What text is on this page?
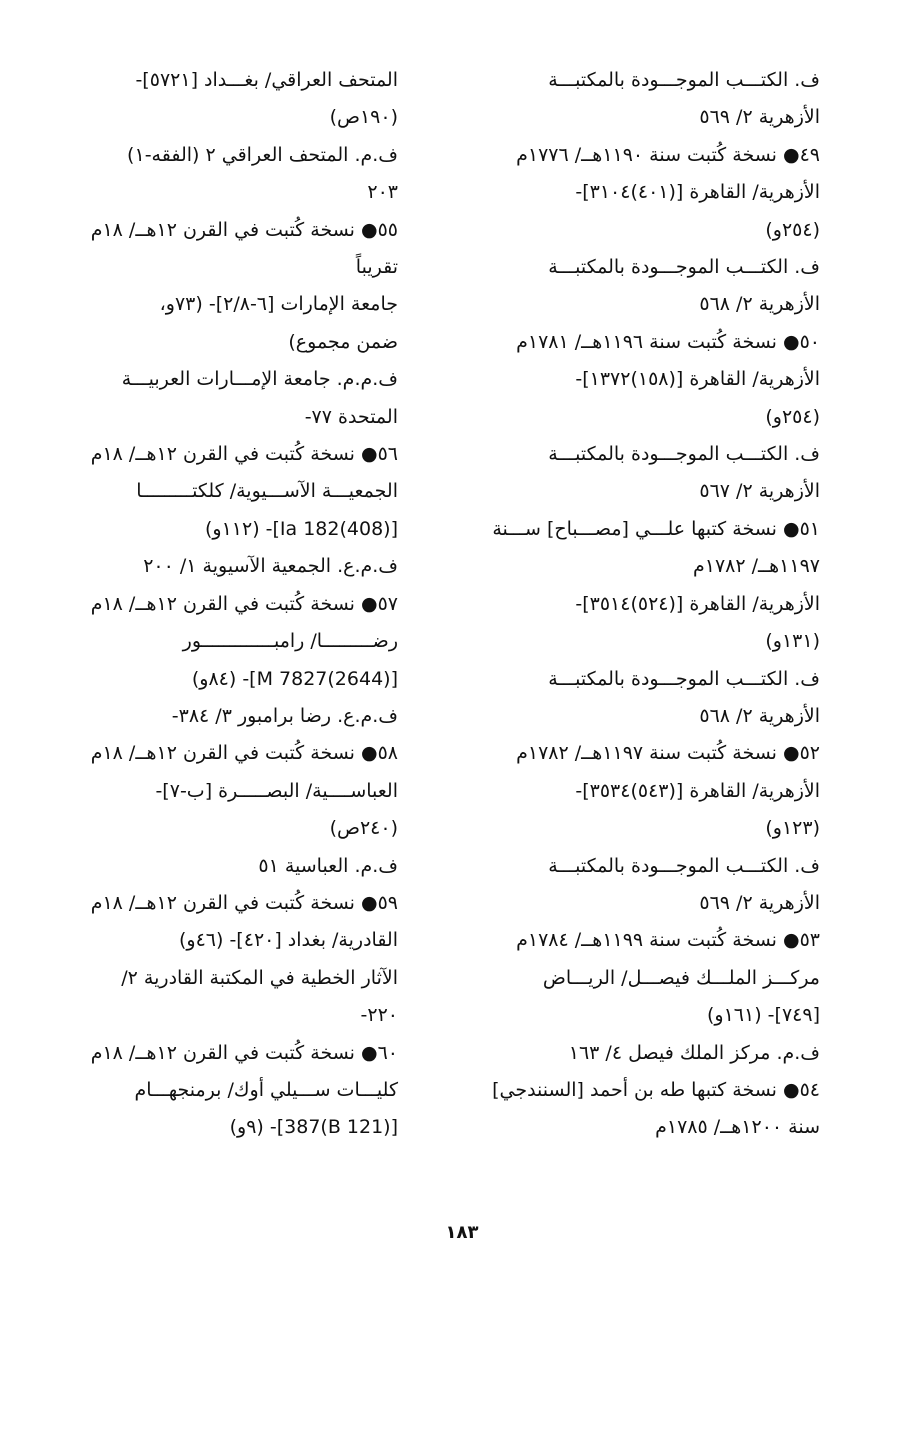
ف. الكتـــب الموجـــودة بالمكتبـــة
الأزهرية ٢/ ٥٦٩
٤٩● نسخة كُتبت سنة ١١٩٠هــ/ ١٧٧٦م
الأزهرية/ القاهرة [(٤٠١)٣١٠٤]-
(٢٥٤و)
ف. الكتـــب الموجـــودة بالمكتبـــة
الأزهرية ٢/ ٥٦٨
٥٠● نسخة كُتبت سنة ١١٩٦هــ/ ١٧٨١م
الأزهرية/ القاهرة [(١٥٨)١٣٧٢]-
(٢٥٤و)
ف. الكتـــب الموجـــودة بالمكتبـــة
الأزهرية ٢/ ٥٦٧
٥١● نسخة كتبها علـــي [مصـــباح] ســـنة
١١٩٧هــ/ ١٧٨٢م
الأزهرية/ القاهرة [(٥٢٤)٣٥١٤]-
(١٣١و)
ف. الكتـــب الموجـــودة بالمكتبـــة
الأزهرية ٢/ ٥٦٨
٥٢● نسخة كُتبت سنة ١١٩٧هــ/ ١٧٨٢م
الأزهرية/ القاهرة [(٥٤٣)٣٥٣٤]-
(١٢٣و)
ف. الكتـــب الموجـــودة بالمكتبـــة
الأزهرية ٢/ ٥٦٩
٥٣● نسخة كُتبت سنة ١١٩٩هــ/ ١٧٨٤م
مركـــز الملـــك فيصـــل/ الريـــاض
[٧٤٩]- (١٦١و)
ف.م. مركز الملك فيصل ٤/ ١٦٣
٥٤● نسخة كتبها طه بن أحمد [السنندجي]
سنة ١٢٠٠هــ/ ١٧٨٥م
المتحف العراقي/ بغـــداد [٥٧٢١]-
(١٩٠ص)
ف.م. المتحف العراقي ٢ (الفقه-١)
٢٠٣
٥٥● نسخة كُتبت في القرن ١٢هــ/ ١٨م
تقريباً
جامعة الإمارات [٦-٢/٨]- (٧٣و،
ضمن مجموع)
ف.م.م. جامعة الإمـــارات العربيـــة
المتحدة ٧٧-
٥٦● نسخة كُتبت في القرن ١٢هــ/ ١٨م
الجمعيـــة الآســـيوية/ كلكتـــــــــا
[Ia 182(408)]- (١١٢و)
ف.م.ع. الجمعية الآسيوية ١/ ٢٠٠
٥٧● نسخة كُتبت في القرن ١٢هــ/ ١٨م
رضـــــــــا/ رامبـــــــــــــور
[M 7827(2644)]- (٨٤و)
ف.م.ع. رضا برامبور ٣/ ٣٨٤-
٥٨● نسخة كُتبت في القرن ١٢هــ/ ١٨م
العباســــية/ البصـــــرة [ب-٧]-
(٢٤٠ص)
ف.م. العباسية ٥١
٥٩● نسخة كُتبت في القرن ١٢هــ/ ١٨م
القادرية/ بغداد [٤٢٠]- (٤٦و)
الآثار الخطية في المكتبة القادرية ٢/
٢٢٠-
٦٠● نسخة كُتبت في القرن ١٢هــ/ ١٨م
كليـــات ســـيلي أوك/ برمنجهـــام
[(B 121)387]- (٩و)
١٨٣
